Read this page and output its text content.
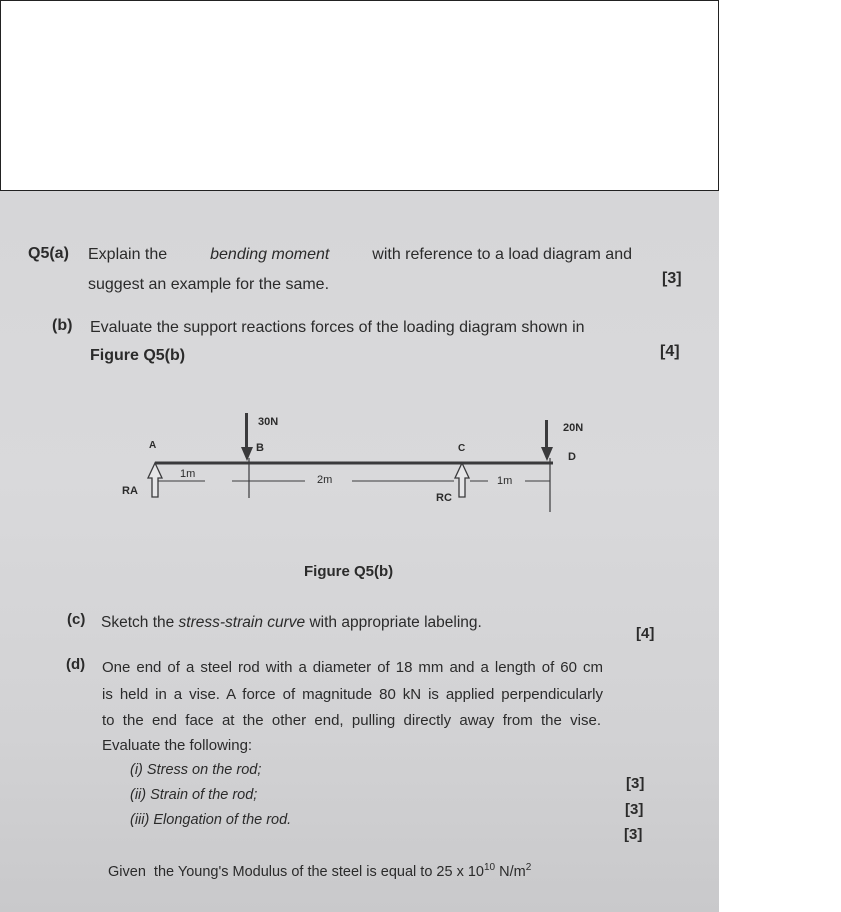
Q5(a) Explain the bending moment with reference to a load diagram and
suggest an example for the same.	[3]
(b) Evaluate the support reactions forces of the loading diagram shown in
Figure Q5(b)	[4]
30N
B
20N
D
A	C
RA
RC
1m	2m	1m
Figure Q5(b)
(c) Sketch the stress-strain curve with appropriate labeling.
[4]
(d) One end of a steel rod with a diameter of 18 mm and a length of 60 cm
is held in a vise. A force of magnitude 80 kN is applied perpendicularly
to the end face at the other end, pulling directly away from the vise.
Evaluate the following:
(i) Stress on the rod;
(ii) Strain of the rod;
(iii) Elongation of the rod.
[3]
[3]
[3]
Given  the Young's Modulus of the steel is equal to 25 x $10^{10}$ $N/m^2$
